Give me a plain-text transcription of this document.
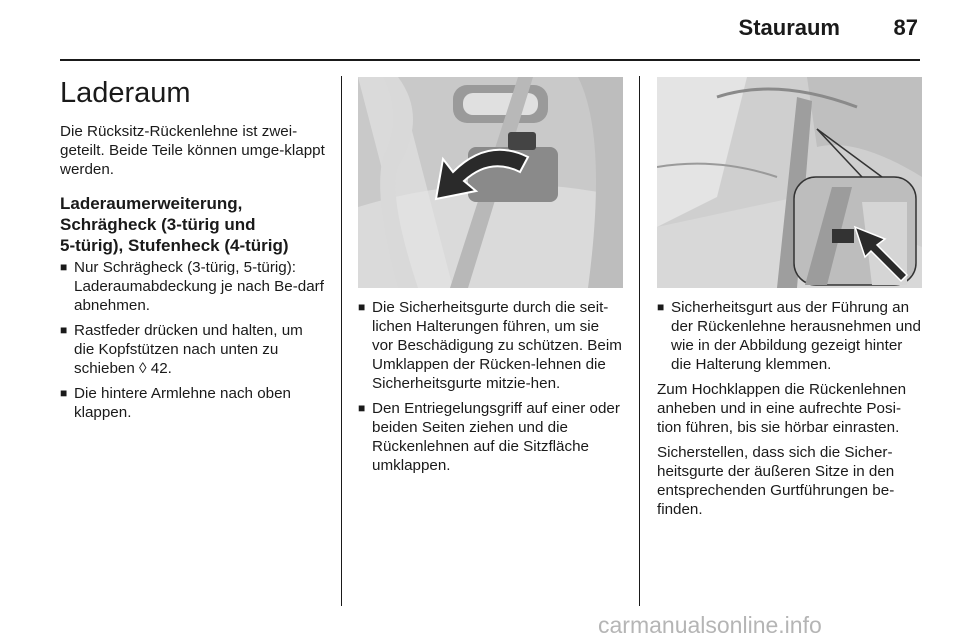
Stauraum 87
Laderaum

Die Rücksitz-Rückenlehne ist zwei-geteilt. Beide Teile können umge-klappt werden.

Laderaumerweiterung,
Schrägheck (3-türig und
5-türig), Stufenheck (4-türig)
■ Nur Schrägheck (3-türig, 5-türig): Laderaumabdeckung je nach Be-darf abnehmen.
■ Rastfeder drücken und halten, um die Kopfstützen nach unten zu schieben ◊ 42.
■ Die hintere Armlehne nach oben klappen.
■ Die Sicherheitsgurte durch die seit-lichen Halterungen führen, um sie vor Beschädigung zu schützen. Beim Umklappen der Rücken-lehnen die Sicherheitsgurte mitzie-hen.
■ Den Entriegelungsgriff auf einer oder beiden Seiten ziehen und die Rückenlehnen auf die Sitzfläche umklappen.
■ Sicherheitsgurt aus der Führung an der Rückenlehne herausnehmen und wie in der Abbildung gezeigt hinter die Halterung klemmen.

Zum Hochklappen die Rückenlehnen anheben und in eine aufrechte Posi-tion führen, bis sie hörbar einrasten.

Sicherstellen, dass sich die Sicher-heitsgurte der äußeren Sitze in den entsprechenden Gurtführungen be-finden.

carmanualsonline.info
